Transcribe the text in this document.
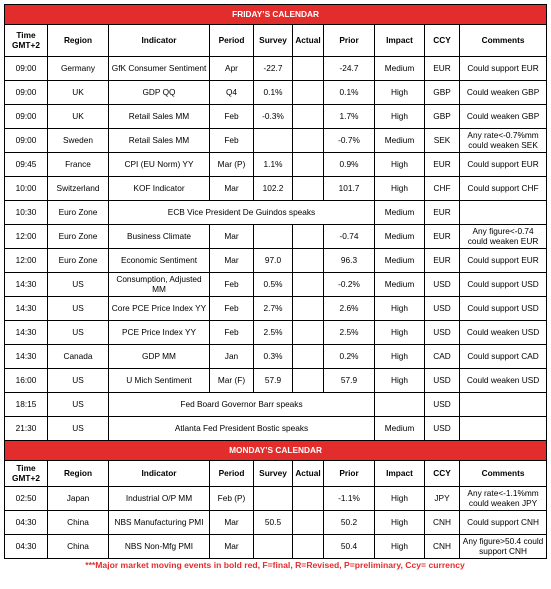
FRIDAY’S CALENDAR									
Time GMT+2	Region	Indicator	Period	Survey	Actual	Prior	Impact	CCY	Comments
09:00	Germany	GfK Consumer Sentiment	Apr	-22.7		-24.7	Medium	EUR	Could support EUR
09:00	UK	GDP QQ	Q4	0.1%		0.1%	High	GBP	Could weaken GBP
09:00	UK	Retail Sales MM	Feb	-0.3%		1.7%	High	GBP	Could weaken GBP
09:00	Sweden	Retail Sales MM	Feb			-0.7%	Medium	SEK	Any rate<-0.7%mm could weaken SEK
09:45	France	CPI (EU Norm) YY	Mar (P)	1.1%		0.9%	High	EUR	Could support EUR
10:00	Switzerland	KOF Indicator	Mar	102.2		101.7	High	CHF	Could support CHF
10:30	Euro Zone	ECB Vice President De Guindos speaks					Medium	EUR	
12:00	Euro Zone	Business Climate	Mar			-0.74	Medium	EUR	Any figure<-0.74 could weaken EUR
12:00	Euro Zone	Economic Sentiment	Mar	97.0		96.3	Medium	EUR	Could support EUR
14:30	US	Consumption, Adjusted MM	Feb	0.5%		-0.2%	Medium	USD	Could support USD
14:30	US	Core PCE Price Index YY	Feb	2.7%		2.6%	High	USD	Could support USD
14:30	US	PCE Price Index YY	Feb	2.5%		2.5%	High	USD	Could weaken USD
14:30	Canada	GDP MM	Jan	0.3%		0.2%	High	CAD	Could support CAD
16:00	US	U Mich Sentiment	Mar (F)	57.9		57.9	High	USD	Could weaken USD
18:15	US	Fed Board Governor Barr speaks						USD	
21:30	US	Atlanta Fed President Bostic speaks					Medium	USD	
MONDAY’S CALENDAR									
Time GMT+2	Region	Indicator	Period	Survey	Actual	Prior	Impact	CCY	Comments
02:50	Japan	Industrial O/P MM	Feb (P)			-1.1%	High	JPY	Any rate<-1.1%mm could weaken JPY
04:30	China	NBS Manufacturing PMI	Mar	50.5		50.2	High	CNH	Could support CNH
04:30	China	NBS Non-Mfg PMI	Mar			50.4	High	CNH	Any figure>50.4 could support CNH
***Major market moving events in bold red, F=final, R=Revised, P=preliminary, Ccy= currency
